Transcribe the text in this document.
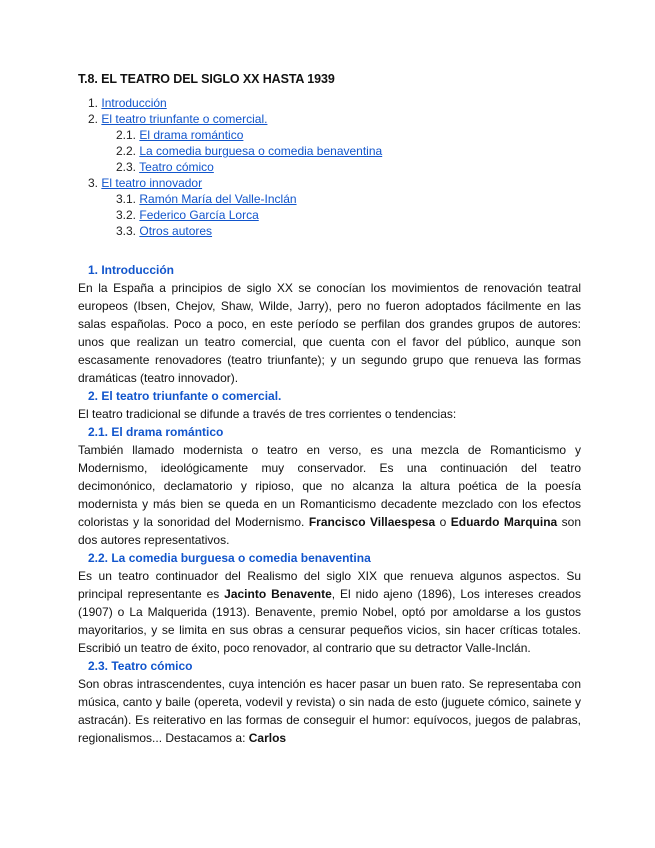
T.8. EL TEATRO DEL SIGLO XX HASTA 1939
1. Introducción
2. El teatro triunfante o comercial.
2.1. El drama romántico
2.2. La comedia burguesa o comedia benaventina
2.3. Teatro cómico
3. El teatro innovador
3.1. Ramón María del Valle-Inclán
3.2. Federico García Lorca
3.3. Otros autores
1. Introducción

En la España a principios de siglo XX se conocían los movimientos de renovación teatral europeos (Ibsen, Chejov, Shaw, Wilde, Jarry), pero no fueron adoptados fácilmente en las salas españolas. Poco a poco, en este período se perfilan dos grandes grupos de autores: unos que realizan un teatro comercial, que cuenta con el favor del público, aunque son escasamente renovadores (teatro triunfante); y un segundo grupo que renueva las formas dramáticas (teatro innovador).

2. El teatro triunfante o comercial.

El teatro tradicional se difunde a través de tres corrientes o tendencias:

2.1. El drama romántico

También llamado modernista o teatro en verso, es una mezcla de Romanticismo y Modernismo, ideológicamente muy conservador. Es una continuación del teatro decimonónico, declamatorio y ripioso, que no alcanza la altura poética de la poesía modernista y más bien se queda en un Romanticismo decadente mezclado con los efectos coloristas y la sonoridad del Modernismo. Francisco Villaespesa o Eduardo Marquina son dos autores representativos.

2.2. La comedia burguesa o comedia benaventina

Es un teatro continuador del Realismo del siglo XIX que renueva algunos aspectos. Su principal representante es Jacinto Benavente, El nido ajeno (1896), Los intereses creados (1907) o La Malquerida (1913). Benavente, premio Nobel, optó por amoldarse a los gustos mayoritarios, y se limita en sus obras a censurar pequeños vicios, sin hacer críticas totales. Escribió un teatro de éxito, poco renovador, al contrario que su detractor Valle-Inclán.

2.3. Teatro cómico

Son obras intrascendentes, cuya intención es hacer pasar un buen rato. Se representaba con música, canto y baile (opereta, vodevil y revista) o sin nada de esto (juguete cómico, sainete y astracán). Es reiterativo en las formas de conseguir el humor: equívocos, juegos de palabras, regionalismos... Destacamos a: Carlos
